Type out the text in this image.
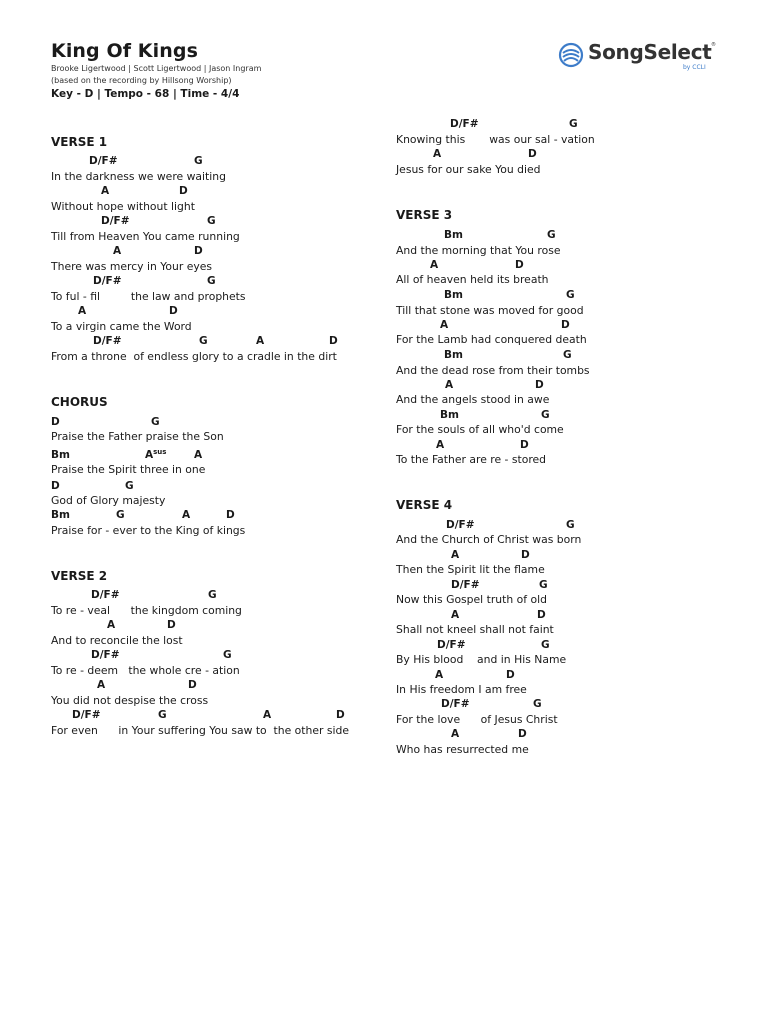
King Of Kings
Brooke Ligertwood | Scott Ligertwood | Jason Ingram
(based on the recording by Hillsong Worship)
Key - D | Tempo - 68 | Time - 4/4
SongSelect ®
by CCLI
VERSE 1
D/F#	G
In the darkness we were waiting
A	D
Without hope without light
D/F#	G
Till from Heaven You came running
A	D
There was mercy in Your eyes
D/F#	G
To ful - fil         the law and prophets
A	D
To a virgin came the Word
D/F#	G	A	D
From a throne  of endless glory to a cradle in the dirt
CHORUS
D	G
Praise the Father praise the Son
Bm	$A^{sus}$	A
Praise the Spirit three in one
D	G
God of Glory majesty
Bm	G	A	D
Praise for - ever to the King of kings
VERSE 2
D/F#	G
To re - veal      the kingdom coming
A	D
And to reconcile the lost
D/F#	G
To re - deem   the whole cre - ation
A	D
You did not despise the cross
D/F#	G	A	D
For even      in Your suffering You saw to  the other side
D/F#	G
Knowing this       was our sal - vation
A	D
Jesus for our sake You died
VERSE 3
Bm	G
And the morning that You rose
A	D
All of heaven held its breath
Bm	G
Till that stone was moved for good
A	D
For the Lamb had conquered death
Bm	G
And the dead rose from their tombs
A	D
And the angels stood in awe
Bm	G
For the souls of all who'd come
A	D
To the Father are re - stored
VERSE 4
D/F#	G
And the Church of Christ was born
A	D
Then the Spirit lit the flame
D/F#	G
Now this Gospel truth of old
A	D
Shall not kneel shall not faint
D/F#	G
By His blood    and in His Name
A	D
In His freedom I am free
D/F#	G
For the love      of Jesus Christ
A	D
Who has resurrected me
